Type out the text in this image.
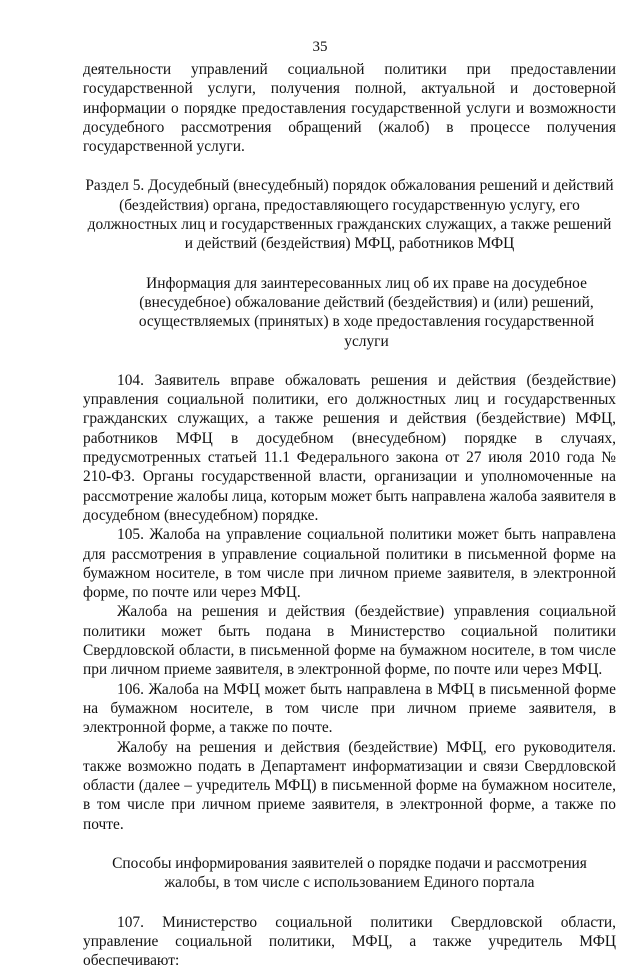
35

деятельности управлений социальной политики при предоставлении государственной услуги, получения полной, актуальной и достоверной информации о порядке предоставления государственной услуги и возможности досудебного рассмотрения обращений (жалоб) в процессе получения государственной услуги.

Раздел 5. Досудебный (внесудебный) порядок обжалования решений и действий (бездействия) органа, предоставляющего государственную услугу, его должностных лиц и государственных гражданских служащих, а также решений и действий (бездействия) МФЦ, работников МФЦ

Информация для заинтересованных лиц об их праве на досудебное (внесудебное) обжалование действий (бездействия) и (или) решений, осуществляемых (принятых) в ходе предоставления государственной услуги

104. Заявитель вправе обжаловать решения и действия (бездействие) управления социальной политики, его должностных лиц и государственных гражданских служащих, а также решения и действия (бездействие) МФЦ, работников МФЦ в досудебном (внесудебном) порядке в случаях, предусмотренных статьей 11.1 Федерального закона от 27 июля 2010 года № 210-ФЗ. Органы государственной власти, организации и уполномоченные на рассмотрение жалобы лица, которым может быть направлена жалоба заявителя в досудебном (внесудебном) порядке.

105. Жалоба на управление социальной политики может быть направлена для рассмотрения в управление социальной политики в письменной форме на бумажном носителе, в том числе при личном приеме заявителя, в электронной форме, по почте или через МФЦ.

Жалоба на решения и действия (бездействие) управления социальной политики может быть подана в Министерство социальной политики Свердловской области, в письменной форме на бумажном носителе, в том числе при личном приеме заявителя, в электронной форме, по почте или через МФЦ.

106. Жалоба на МФЦ может быть направлена в МФЦ в письменной форме на бумажном носителе, в том числе при личном приеме заявителя, в электронной форме, а также по почте.

Жалобу на решения и действия (бездействие) МФЦ, его руководителя. также возможно подать в Департамент информатизации и связи Свердловской области (далее – учредитель МФЦ) в письменной форме на бумажном носителе, в том числе при личном приеме заявителя, в электронной форме, а также по почте.

Способы информирования заявителей о порядке подачи и рассмотрения жалобы, в том числе с использованием Единого портала

107. Министерство социальной политики Свердловской области, управление социальной политики, МФЦ, а также учредитель МФЦ обеспечивают:
